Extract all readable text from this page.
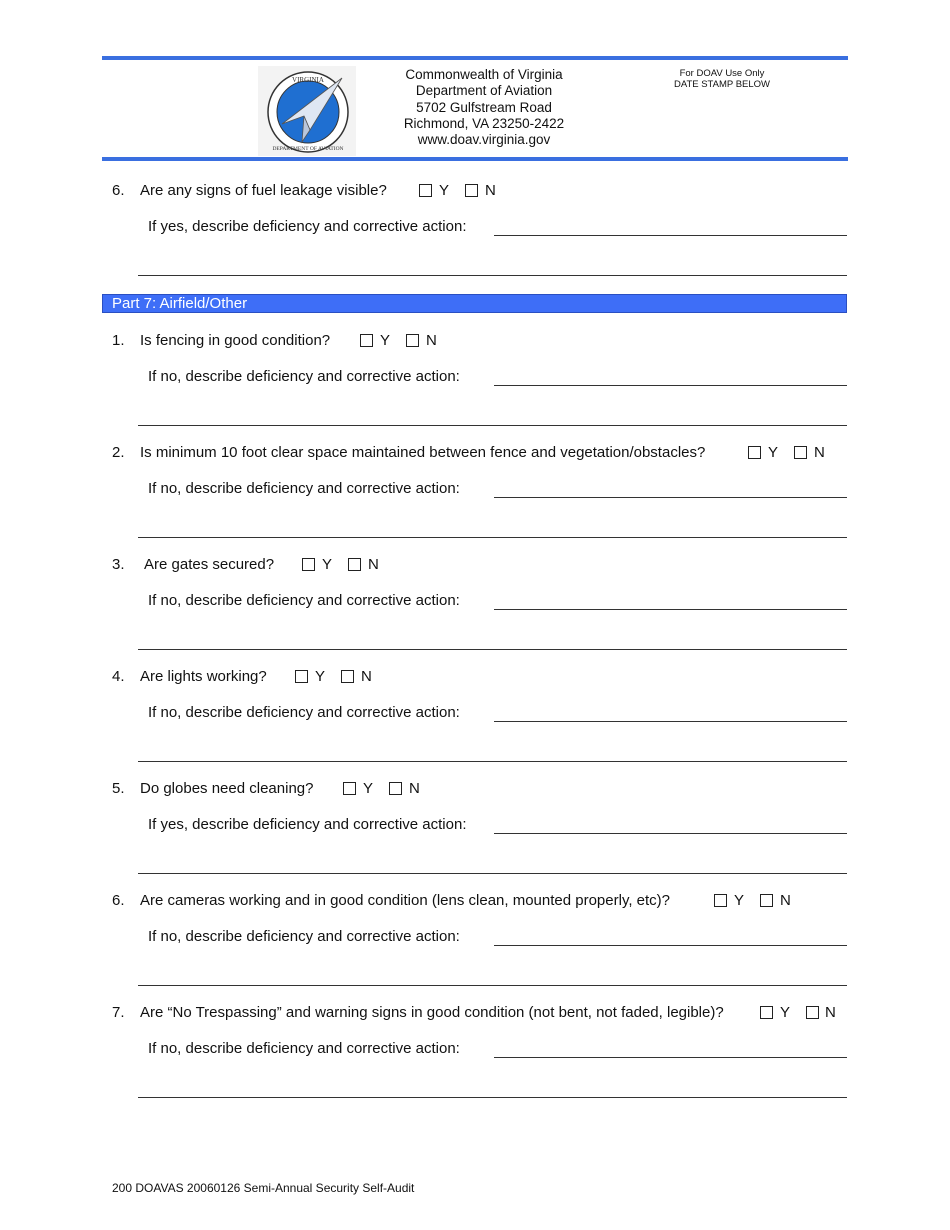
VIRGINIA
DEPARTMENT OF AVIATION
Commonwealth of Virginia
Department of Aviation
5702 Gulfstream Road
Richmond, VA 23250-2422
www.doav.virginia.gov
For DOAV Use Only
DATE STAMP BELOW
6. Are any signs of fuel leakage visible?	Y N
If yes, describe deficiency and corrective action:
Part 7: Airfield/Other
1. Is fencing in good condition?	Y N
If no, describe deficiency and corrective action:
2. Is minimum 10 foot clear space maintained between fence and vegetation/obstacles?	Y N
If no, describe deficiency and corrective action:
3. Are gates secured?	Y N
If no, describe deficiency and corrective action:
4. Are lights working?	Y N
If no, describe deficiency and corrective action:
5. Do globes need cleaning?	Y N
If yes, describe deficiency and corrective action:
6. Are cameras working and in good condition (lens clean, mounted properly, etc)?	Y N
If no, describe deficiency and corrective action:
7. Are “No Trespassing” and warning signs in good condition (not bent, not faded, legible)?	Y N
If no, describe deficiency and corrective action:
200 DOAVAS 20060126 Semi-Annual Security Self-Audit
